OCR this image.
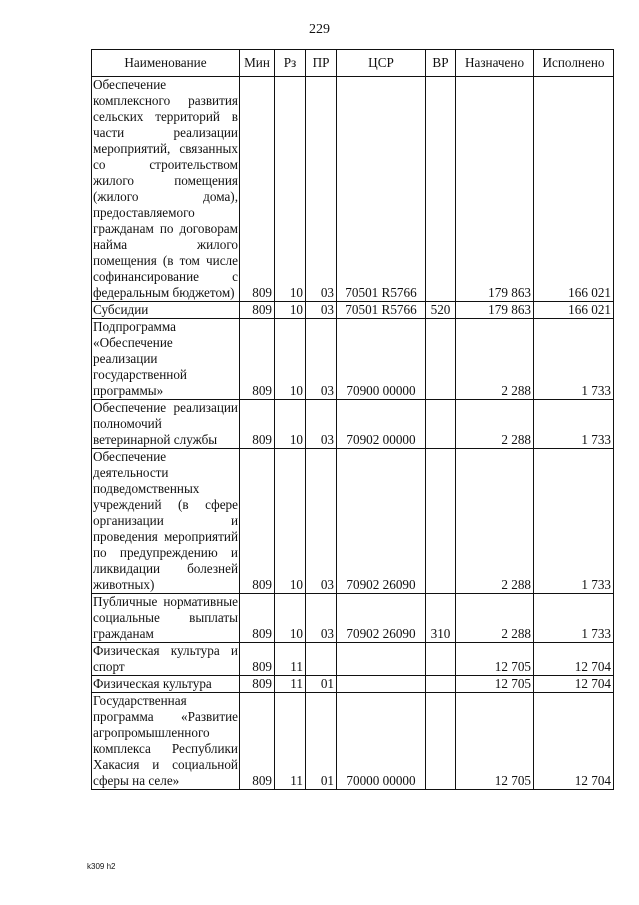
229
Наименование	Мин	Рз	ПР	ЦСР	ВР	Назначено	Исполнено
Обеспечение комплексного развития сельских территорий в части реализации мероприятий, связанных со строительством жилого помещения (жилого дома), предоставляемого гражданам по договорам найма жилого помещения (в том числе софинансирование с федеральным бюджетом)	809	10	03	70501 R5766		179 863	166 021
Субсидии	809	10	03	70501 R5766	520	179 863	166 021
Подпрограмма «Обеспечение реализации государственной программы»	809	10	03	70900 00000		2 288	1 733
Обеспечение реализации полномочий ветеринарной службы	809	10	03	70902 00000		2 288	1 733
Обеспечение деятельности подведомственных учреждений (в сфере организации и проведения мероприятий по предупреждению и ликвидации болезней животных)	809	10	03	70902 26090		2 288	1 733
Публичные нормативные социальные выплаты гражданам	809	10	03	70902 26090	310	2 288	1 733
Физическая культура и спорт	809	11				12 705	12 704
Физическая культура	809	11	01			12 705	12 704
Государственная программа «Развитие агропромышленного комплекса Республики Хакасия и социальной сферы на селе»	809	11	01	70000 00000		12 705	12 704
k309 h2
